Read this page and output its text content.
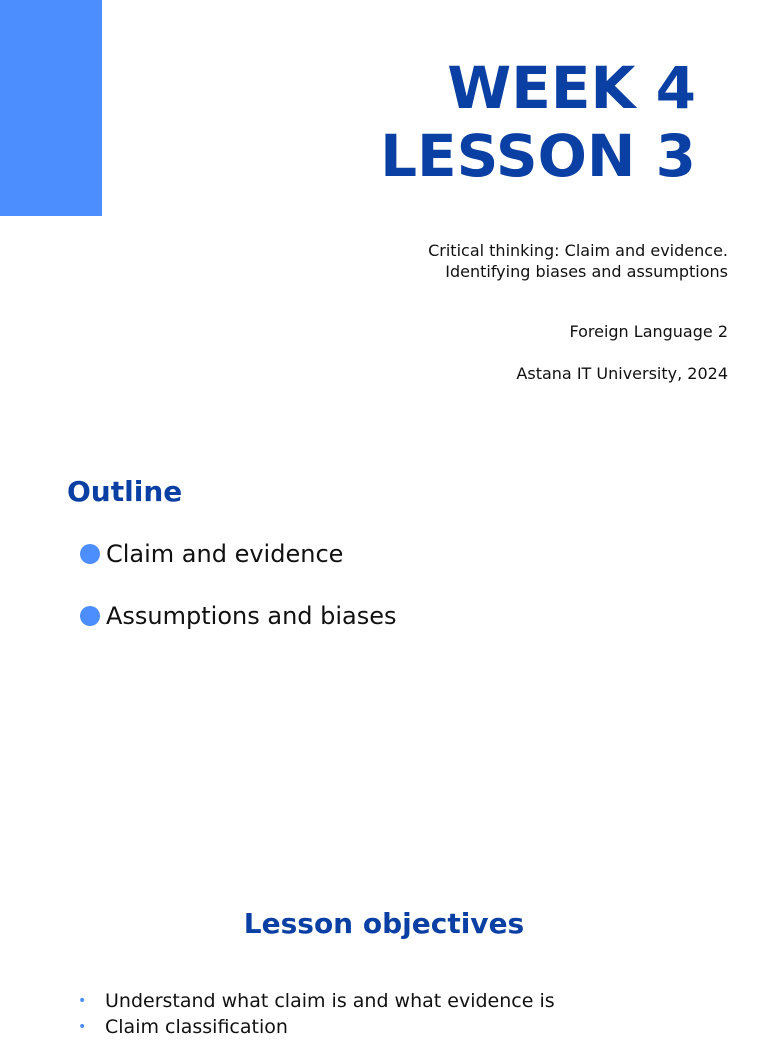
WEEK 4
LESSON 3
Critical thinking: Claim and evidence.
Identifying biases and assumptions
Foreign Language 2
Astana IT University, 2024
Outline
Claim and evidence
Assumptions and biases
Lesson objectives
• Understand what claim is and what evidence is
• Claim classification
